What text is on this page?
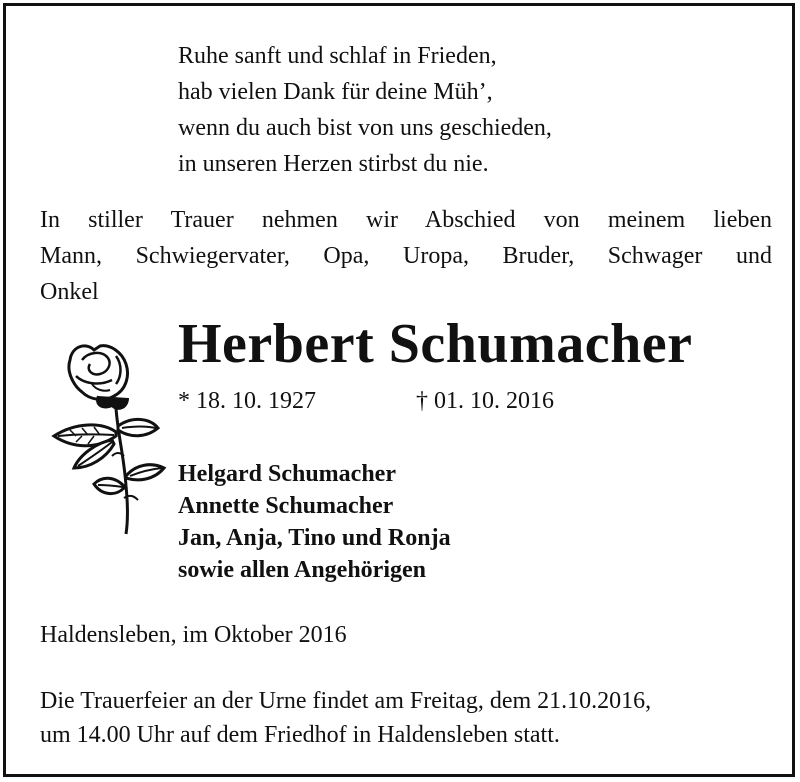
Ruhe sanft und schlaf in Frieden,
hab vielen Dank für deine Müh’,
wenn du auch bist von uns geschieden,
in unseren Herzen stirbst du nie.
In stiller Trauer nehmen wir Abschied von meinem lieben
Mann, Schwiegervater, Opa, Uropa, Bruder, Schwager und
Onkel
Herbert Schumacher
* 18. 10. 1927	† 01. 10. 2016
Helgard Schumacher
Annette Schumacher
Jan, Anja, Tino und Ronja
sowie allen Angehörigen
Haldensleben, im Oktober 2016
Die Trauerfeier an der Urne findet am Freitag, dem 21.10.2016,
um 14.00 Uhr auf dem Friedhof in Haldensleben statt.
